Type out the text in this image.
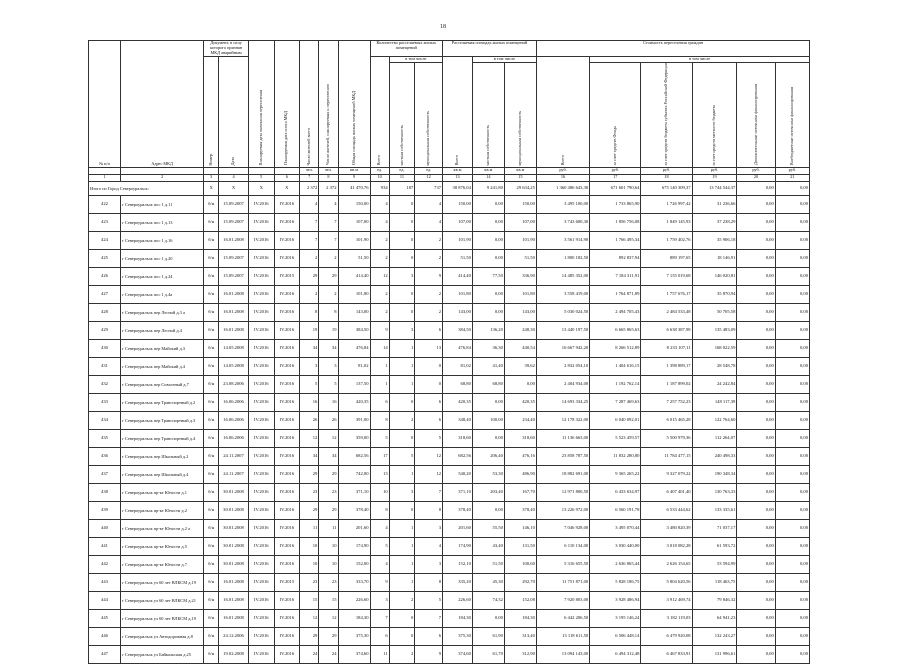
18
№ п/п	Адрес МКД	Документ, в силу которого признан МКД аварийным		Планируемая дата окончания переселения	Планируемая дата сноса МКД	Число жителей всего	Число жителей, планируемых к переселению	Общая площадь жилых помещений МКД	Количество расселяемых жилых помещений			Расселяемая площадь жилых помещений			Стоимость переселения граждан					
		Номер	Дата						Всего	в том числе		Всего	в том числе		Всего	в том числе				
										частная собственность	муниципальная собственность		частная собственность	муниципальная собственность		за счет средств Фонда	за счет средств бюджета субъекта Российской Федерации	за счет средств местного бюджета	Дополнительные источники финансирования	Внебюджетные источники финансирования
						чел.	чел.	кв.м	ед.	ед.	ед.	кв.м	кв.м	кв.м	руб.	руб.	руб.	руб.	руб.	руб.
1	2	3	4	5	6	7	8	9	10	11	12	13	14	15	16	17	18	19	20	21
Итого по Город Североуральск:		X	X	X	X	2 372	2 372	41 470,76	934	187	737	38 876,04	9 241,80	29 634,25	1 360 486 643,38	671 601 790,64	675 140 309,37	13 744 544,37	0,00	0,00
422	г Североуральск пос 1 д.11	б/н	15.09.2007	IV.2016	IV.2016	4	4	150,00	4	0	4	150,00	0,00	150,00	3 495 100,00	1 733 865,90	1 726 997,42	31 236,66	0,00	0,00
423	г Североуральск пос 1 д.13	б/н	15.09.2007	IV.2016	IV.2016	7	7	107,00	4	0	4	107,00	0,00	107,00	3 743 600,30	1 856 756,08	1 849 145,93	37 238,29	0,00	0,00
424	г Североуральск пос 1 д.16	б/н	16.01.2008	IV.2016	IV.2016	7	7	101,90	2	0	2	101,90	0,00	101,90	3 561 914,90	1 766 495,34	1 759 402,76	35 906,18	0,00	0,00
425	г Североуральск пос 1 д.20	б/н	15.09.2007	IV.2016	IV.2016	2	2	51,50	2	0	2	51,50	0,00	51,50	1 800 182,50	892 837,94	889 197,65	18 146,91	0,00	0,00
426	г Североуральск пос 1 д.24	б/н	15.09.2007	IV.2016	IV.2015	29	29	414,40	12	3	9	414,40	77,50	336,90	14 485 352,00	7 184 311,91	7 155 019,68	146 020,81	0,00	0,00
427	г Североуральск пос 1 д.4а	б/н	16.01.2008	IV.2016	IV.2016	2	2	101,80	2	0	2	101,80	0,00	101,80	3 558 419,00	1 764 871,89	1 757 676,17	35 870,94	0,00	0,00
428	г Североуральск пер Лесной д.3 а	б/н	16.01.2008	IV.2016	IV.2016	8	8	143,00	2	0	2	143,00	0,00	143,00	5 030 024,50	2 494 705,43	2 484 533,48	50 705,58	0,00	0,00
429	г Североуральск пер Лесной д.4	б/н	16.01.2008	IV.2016	IV.2016	19	19	384,50	9	3	6	384,50	136,20	248,30	13 440 197,50	6 665 865,63	6 638 387,98	135 483,09	0,00	0,00
430	г Североуральск пер Майский д.3	б/н	14.05.2008	IV.2016	IV.2016	34	34	476,84	14	1	13	476,84	36,30	440,54	16 667 942,20	8 266 512,89	8 233 107,11	168 022,59	0,00	0,00
431	г Североуральск пер Майский д.4	б/н	14.05.2008	IV.2016	IV.2016	3	3	81,02	1	1	0	81,02	41,40	39,62	2 832 054,10	1 404 616,15	1 398 889,17	28 548,78	0,00	0,00
432	г Североуральск пер Совхозный д.7	б/н	23.08.2006	IV.2016	IV.2016	5	5	137,50	1	1	0	68,80	68,80	0,00	2 404 934,00	1 192 762,14	1 187 899,02	24 242,84	0,00	0,00
433	г Североуральск пер Транспортный д.2	б/н	16.06.2006	IV.2016	IV.2016	16	16	420,35	6	0	6	420,35	0,00	420,35	14 693 334,25	7 287 469,63	7 257 752,23	148 117,39	0,00	0,00
434	г Североуральск пер Транспортный д.3	б/н	16.06.2006	IV.2016	IV.2016	26	26	391,00	8	2	6	348,40	100,00	234,40	12 178 322,00	6 040 092,01	6 015 465,28	122 764,60	0,00	0,00
435	г Североуральск пер Транспортный д.4	б/н	16.06.2006	IV.2016	IV.2016	12	12	359,00	5	0	5	318,60	0,00	318,60	11 136 663,00	5 523 459,57	5 500 979,36	112 264,07	0,00	0,00
436	г Североуральск пер Школьный д.2	б/н	24.11.2007	IV.2016	IV.2016	34	34	682,56	17	5	12	682,56	206,40	476,16	23 858 787,50	11 832 280,80	11 784 477,15	240 498,33	0,00	0,00
437	г Североуральск пер Школьный д.4	б/н	24.11.2007	IV.2016	IV.2016	29	29	742,00	13	1	12	540,20	53,30	486,90	18 882 691,00	9 365 265,22	9 327 079,22	190 348,34	0,00	0,00
438	г Североуральск пр-кт Юности д.1	б/н	30.01.2008	IV.2016	IV.2016	23	23	371,10	10	3	7	371,10	203,40	167,70	12 971 800,50	6 433 634,97	6 407 401,40	130 763,33	0,00	0,00
439	г Североуральск пр-кт Юности д.2	б/н	30.01.2008	IV.2016	IV.2016	29	29	378,40	8	0	8	378,40	0,00	378,40	13 226 972,00	6 560 191,78	6 533 444,62	133 335,61	0,00	0,00
440	г Североуральск пр-кт Юности д.2 а	б/н	30.01.2008	IV.2016	IV.2016	11	11	201,60	4	1	3	201,60	55,50	146,10	7 046 928,00	3 495 070,44	3 480 820,39	71 037,17	0,00	0,00
441	г Североуральск пр-кт Юности д.5	б/н	30.01.2008	IV.2016	IV.2016	10	10	174,90	5	1	4	174,90	43,40	131,50	6 110 134,00	3 030 440,00	3 018 082,28	61 593,72	0,00	0,00
442	г Североуральск пр-кт Юности д.7	б/н	30.01.2008	IV.2016	IV.2016	10	10	152,00	4	1	3	152,10	51,50	100,60	5 316 655,50	2 636 865,44	2 626 154,65	53 594,99	0,00	0,00
443	г Североуральск ул 60 лет ВЛКСМ д.19	б/н	16.01.2008	IV.2016	IV.2015	23	23	333,70	9	1	8	335,20	45,30	292,70	11 751 871,00	5 828 186,75	5 804 620,56	118 463,75	0,00	0,00
444	г Североуральск ул 60 лет ВЛКСМ д.21	б/н	16.01.2008	IV.2016	IV.2016	15	15	226,60	3	2	5	226,60	74,32	152,08	7 920 803,00	3 928 486,94	3 912 469,74	79 846,32	0,00	0,00
445	г Североуральск ул 60 лет ВЛКСМ д.19	б/н	16.01.2008	IV.2016	IV.2016	12	12	184,30	7	0	7	184,30	0,00	184,30	6 442 206,50	3 195 146,24	3 182 119,03	64 941,23	0,00	0,00
446	г Североуральск ул Автодорожная д.8	б/н	24.12.2006	IV.2016	IV.2016	29	29	375,30	6	0	6	375,30	61,90	313,40	13 118 611,50	6 506 448,14	6 479 920,08	132 243,27	0,00	0,00
447	г Североуральск ул Байкальская д.25	б/н	19.02.2008	IV.2016	IV.2016	24	24	374,60	11	2	9	374,60	61,70	312,90	13 094 143,00	6 494 312,48	6 467 833,91	131 996,61	0,00	0,00
